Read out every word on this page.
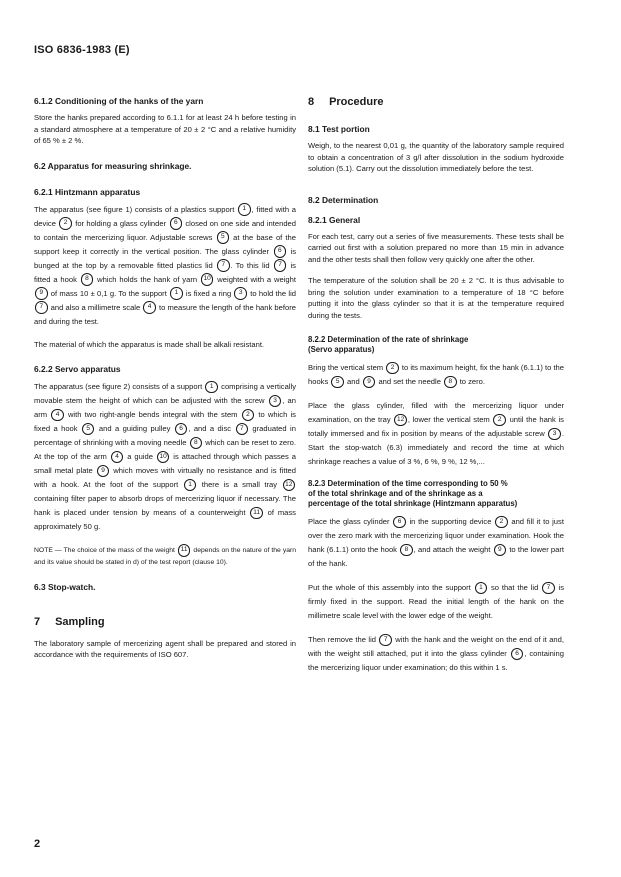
ISO 6836-1983 (E)
6.1.2 Conditioning of the hanks of the yarn

Store the hanks prepared according to 6.1.1 for at least 24 h before testing in a standard atmosphere at a temperature of 20 ± 2 °C and a relative humidity of 65 % ± 2 %.

6.2 Apparatus for measuring shrinkage.
6.2.1 Hintzmann apparatus

The apparatus (see figure 1) consists of a plastics support 1 , fitted with a device 2 for holding a glass cylinder 6 closed on one side and intended to contain the mercerizing liquor. Adjustable screws 5 at the base of the support keep it correctly in the vertical position. The glass cylinder 6 is bunged at the top by a removable fitted plastics lid 7 . To this lid 7 is fitted a hook 8 which holds the hank of yarn 10 weighted with a weight 9 of mass 10 ± 0,1 g. To the support 1 is fixed a ring 3 to hold the lid 7 and also a millimetre scale 4 to measure the length of the hank before and during the test.

The material of which the apparatus is made shall be alkali resistant.

6.2.2 Servo apparatus

The apparatus (see figure 2) consists of a support 1 comprising a vertically movable stem the height of which can be adjusted with the screw 3 , an arm 4 with two right-angle bends integral with the stem 2 to which is fixed a hook 5 and a guiding pulley 6 , and a disc 7 graduated in percentage of shrinking with a moving needle 8 which can be reset to zero. At the top of the arm 4 a guide 10 is attached through which passes a small metal plate 9 which moves with virtually no resistance and is fitted with a hook. At the foot of the support 1 there is a small tray 12 containing filter paper to absorb drops of mercerizing liquor if necessary. The hank is placed under tension by means of a counterweight 11 of mass approximately 50 g.

NOTE — The choice of the mass of the weight 11 depends on the nature of the yarn and its value should be stated in d) of the test report (clause 10).

6.3 Stop-watch.
7 Sampling

The laboratory sample of mercerizing agent shall be prepared and stored in accordance with the requirements of ISO 607.

8 Procedure
8.1 Test portion

Weigh, to the nearest 0,01 g, the quantity of the laboratory sample required to obtain a concentration of 3 g/l after dissolution in the sodium hydroxide solution (5.1). Carry out the dissolution immediately before the test.

8.2 Determination
8.2.1 General

For each test, carry out a series of five measurements. These tests shall be carried out first with a solution prepared no more than 15 min in advance and the other tests shall then follow very quickly one after the other.

The temperature of the solution shall be 20 ± 2 °C. It is thus advisable to bring the solution under examination to a temperature of 18 °C before putting it into the glass cylinder so that it is at the temperature required during the tests.

8.2.2 Determination of the rate of shrinkage
(Servo apparatus)

Bring the vertical stem 2 to its maximum height, fix the hank (6.1.1) to the hooks 5 and 9 and set the needle 8 to zero.

Place the glass cylinder, filled with the mercerizing liquor under examination, on the tray 12 , lower the vertical stem 2 until the hank is totally immersed and fix in position by means of the adjustable screw 3 . Start the stop-watch (6.3) immediately and record the time at which shrinkage reaches a value of 3 %, 6 %, 9 %, 12 %,...

8.2.3 Determination of the time corresponding to 50 %
of the total shrinkage and of the shrinkage as a
percentage of the total shrinkage (Hintzmann apparatus)

Place the glass cylinder 6 in the supporting device 2 and fill it to just over the zero mark with the mercerizing liquor under examination. Hook the hank (6.1.1) onto the hook 8 , and attach the weight 9 to the lower part of the hank.

Put the whole of this assembly into the support 1 so that the lid 7 is firmly fixed in the support. Read the initial length of the hank on the millimetre scale level with the lower edge of the weight.

Then remove the lid 7 with the hank and the weight on the end of it and, with the weight still attached, put it into the glass cylinder 6 , containing the mercerizing liquor under examination; do this within 1 s.

2
